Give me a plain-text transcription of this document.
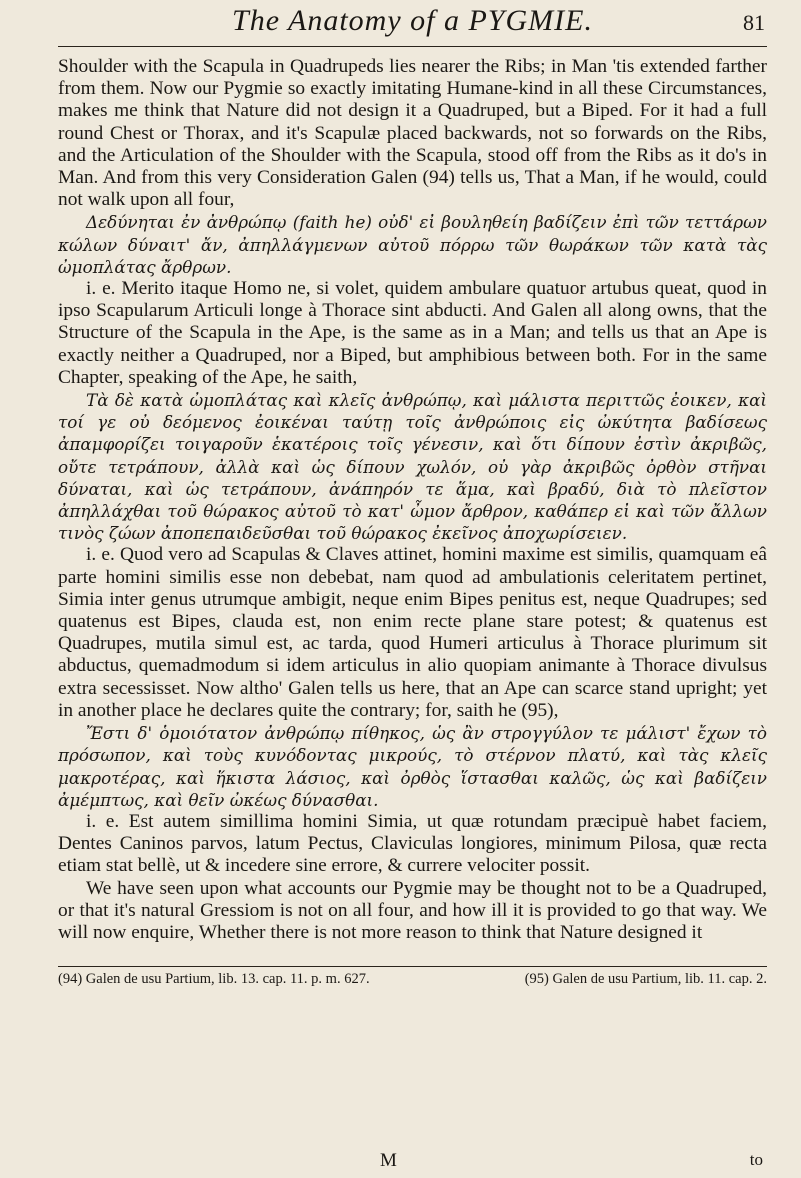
The Anatomy of a PYGMIE.	81

Shoulder with the Scapula in Quadrupeds lies nearer the Ribs; in Man 'tis extended farther from them. Now our Pygmie so exactly imitating Humane-kind in all these Circumstances, makes me think that Nature did not design it a Quadruped, but a Biped. For it had a full round Chest or Thorax, and it's Scapulæ placed backwards, not so forwards on the Ribs, and the Articulation of the Shoulder with the Scapula, stood off from the Ribs as it do's in Man. And from this very Consideration Galen (94) tells us, That a Man, if he would, could not walk upon all four,

Δεδύνηται ἐν ἀνθρώπῳ (faith he) οὐδ' εἰ βουληθείη βαδίζειν ἐπὶ τῶν τεττάρων κώλων δύναιτ' ἄν, ἀπηλλάγμενων αὐτοῦ πόρρω τῶν θωράκων τῶν κατὰ τὰς ὠμοπλάτας ἄρθρων.

i. e. Merito itaque Homo ne, si volet, quidem ambulare quatuor artubus queat, quod in ipso Scapularum Articuli longe à Thorace sint abducti. And Galen all along owns, that the Structure of the Scapula in the Ape, is the same as in a Man; and tells us that an Ape is exactly neither a Quadruped, nor a Biped, but amphibious between both. For in the same Chapter, speaking of the Ape, he saith,

Τὰ δὲ κατὰ ὠμοπλάτας καὶ κλεῖς ἀνθρώπῳ, καὶ μάλιστα περιττῶς ἐοικεν, καὶ τοί γε οὐ δεόμενος ἐοικέναι ταύτῃ τοῖς ἀνθρώποις εἰς ὠκύτητα βαδίσεως ἀπαμφορίζει τοιγαροῦν ἑκατέροις τοῖς γένεσιν, καὶ ὅτι δίπουν ἐστὶν ἀκριβῶς, οὔτε τετράπουν, ἀλλὰ καὶ ὡς δίπουν χωλόν, οὐ γὰρ ἀκριβῶς ὀρθὸν στῆναι δύναται, καὶ ὡς τετράπουν, ἀνάπηρόν τε ἅμα, καὶ βραδύ, διὰ τὸ πλεῖστον ἀπηλλάχθαι τοῦ θώρακος αὐτοῦ τὸ κατ' ὦμον ἄρθρον, καθάπερ εἰ καὶ τῶν ἄλλων τινὸς ζώων ἀποπεπαιδεῦσθαι τοῦ θώρακος ἐκεῖνος ἀποχωρίσειεν.

i. e. Quod vero ad Scapulas & Claves attinet, homini maxime est similis, quamquam eâ parte homini similis esse non debebat, nam quod ad ambulationis celeritatem pertinet, Simia inter genus utrumque ambigit, neque enim Bipes penitus est, neque Quadrupes; sed quatenus est Bipes, clauda est, non enim recte plane stare potest; & quatenus est Quadrupes, mutila simul est, ac tarda, quod Humeri articulus à Thorace plurimum sit abductus, quemadmodum si idem articulus in alio quopiam animante à Thorace divulsus extra secessisset. Now altho' Galen tells us here, that an Ape can scarce stand upright; yet in another place he declares quite the contrary; for, saith he (95),

Ἔστι δ' ὁμοιότατον ἀνθρώπῳ πίθηκος, ὡς ἂν στρογγύλον τε μάλιστ' ἔχων τὸ πρόσωπον, καὶ τοὺς κυνόδοντας μικρούς, τὸ στέρνον πλατύ, καὶ τὰς κλεῖς μακροτέρας, καὶ ἥκιστα λάσιος, καὶ ὀρθὸς ἵστασθαι καλῶς, ὡς καὶ βαδίζειν ἀμέμπτως, καὶ θεῖν ὠκέως δύνασθαι.

i. e. Est autem simillima homini Simia, ut quæ rotundam præcipuè habet faciem, Dentes Caninos parvos, latum Pectus, Claviculas longiores, minimum Pilosa, quæ recta etiam stat bellè, ut & incedere sine errore, & currere velociter possit.

We have seen upon what accounts our Pygmie may be thought not to be a Quadruped, or that it's natural Gressiom is not on all four, and how ill it is provided to go that way. We will now enquire, Whether there is not more reason to think that Nature designed it

(94) Galen de usu Partium, lib. 13. cap. 11. p. m. 627.	(95) Galen de usu Partium, lib. 11. cap. 2.
M	to
